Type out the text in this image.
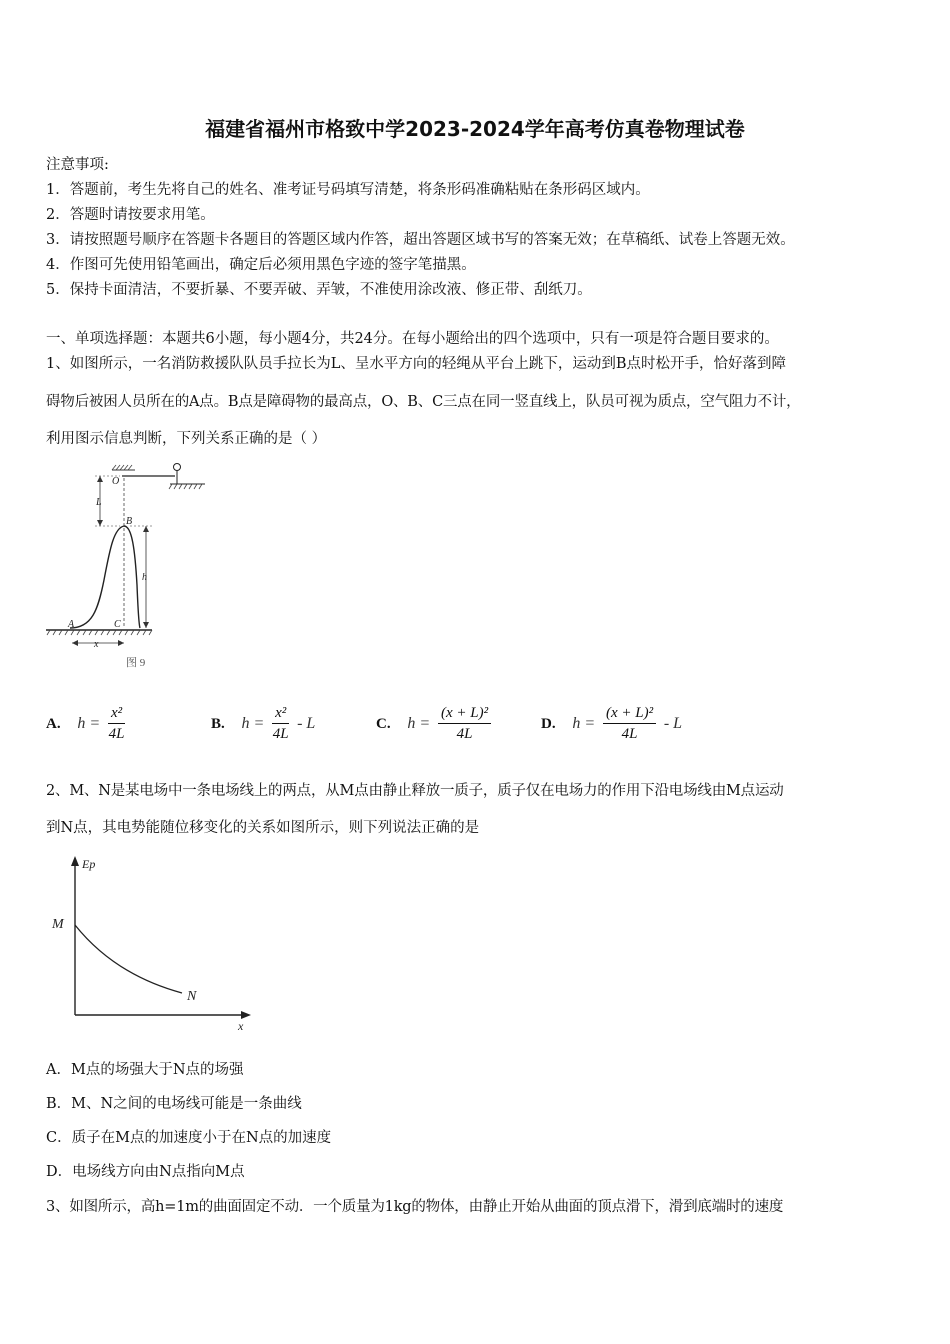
福建省福州市格致中学2023-2024学年高考仿真卷物理试卷
注意事项:
1．答题前，考生先将自己的姓名、准考证号码填写清楚，将条形码准确粘贴在条形码区域内。
2．答题时请按要求用笔。
3．请按照题号顺序在答题卡各题目的答题区域内作答，超出答题区域书写的答案无效；在草稿纸、试卷上答题无效。
4．作图可先使用铅笔画出，确定后必须用黑色字迹的签字笔描黑。
5．保持卡面清洁，不要折暴、不要弄破、弄皱，不准使用涂改液、修正带、刮纸刀。
一、单项选择题：本题共6小题，每小题4分，共24分。在每小题给出的四个选项中，只有一项是符合题目要求的。
1、如图所示，一名消防救援队队员手拉长为L、呈水平方向的轻绳从平台上跳下，运动到B点时松开手，恰好落到障
碍物后被困人员所在的A点。B点是障碍物的最高点，O、B、C三点在同一竖直线上，队员可视为质点，空气阻力不计，
利用图示信息判断，下列关系正确的是（ ）
O
L
B
h
A	C
x
图 9
A. $h = \frac{\text{x²}}{4L}$	B. $h = \frac{\text{x²}}{4L} - L$	C. $h = \frac{\text{(x + L)²}}{4L}$	D. $h = \frac{\text{(x + L)²}}{4L} - L$
2、M、N是某电场中一条电场线上的两点，从M点由静止释放一质子，质子仅在电场力的作用下沿电场线由M点运动
到N点，其电势能随位移变化的关系如图所示，则下列说法正确的是
Ep
x
M
N
A．M点的场强大于N点的场强
B．M、N之间的电场线可能是一条曲线
C．质子在M点的加速度小于在N点的加速度
D．电场线方向由N点指向M点
3、如图所示，高h=1m的曲面固定不动．一个质量为1kg的物体，由静止开始从曲面的顶点滑下，滑到底端时的速度
